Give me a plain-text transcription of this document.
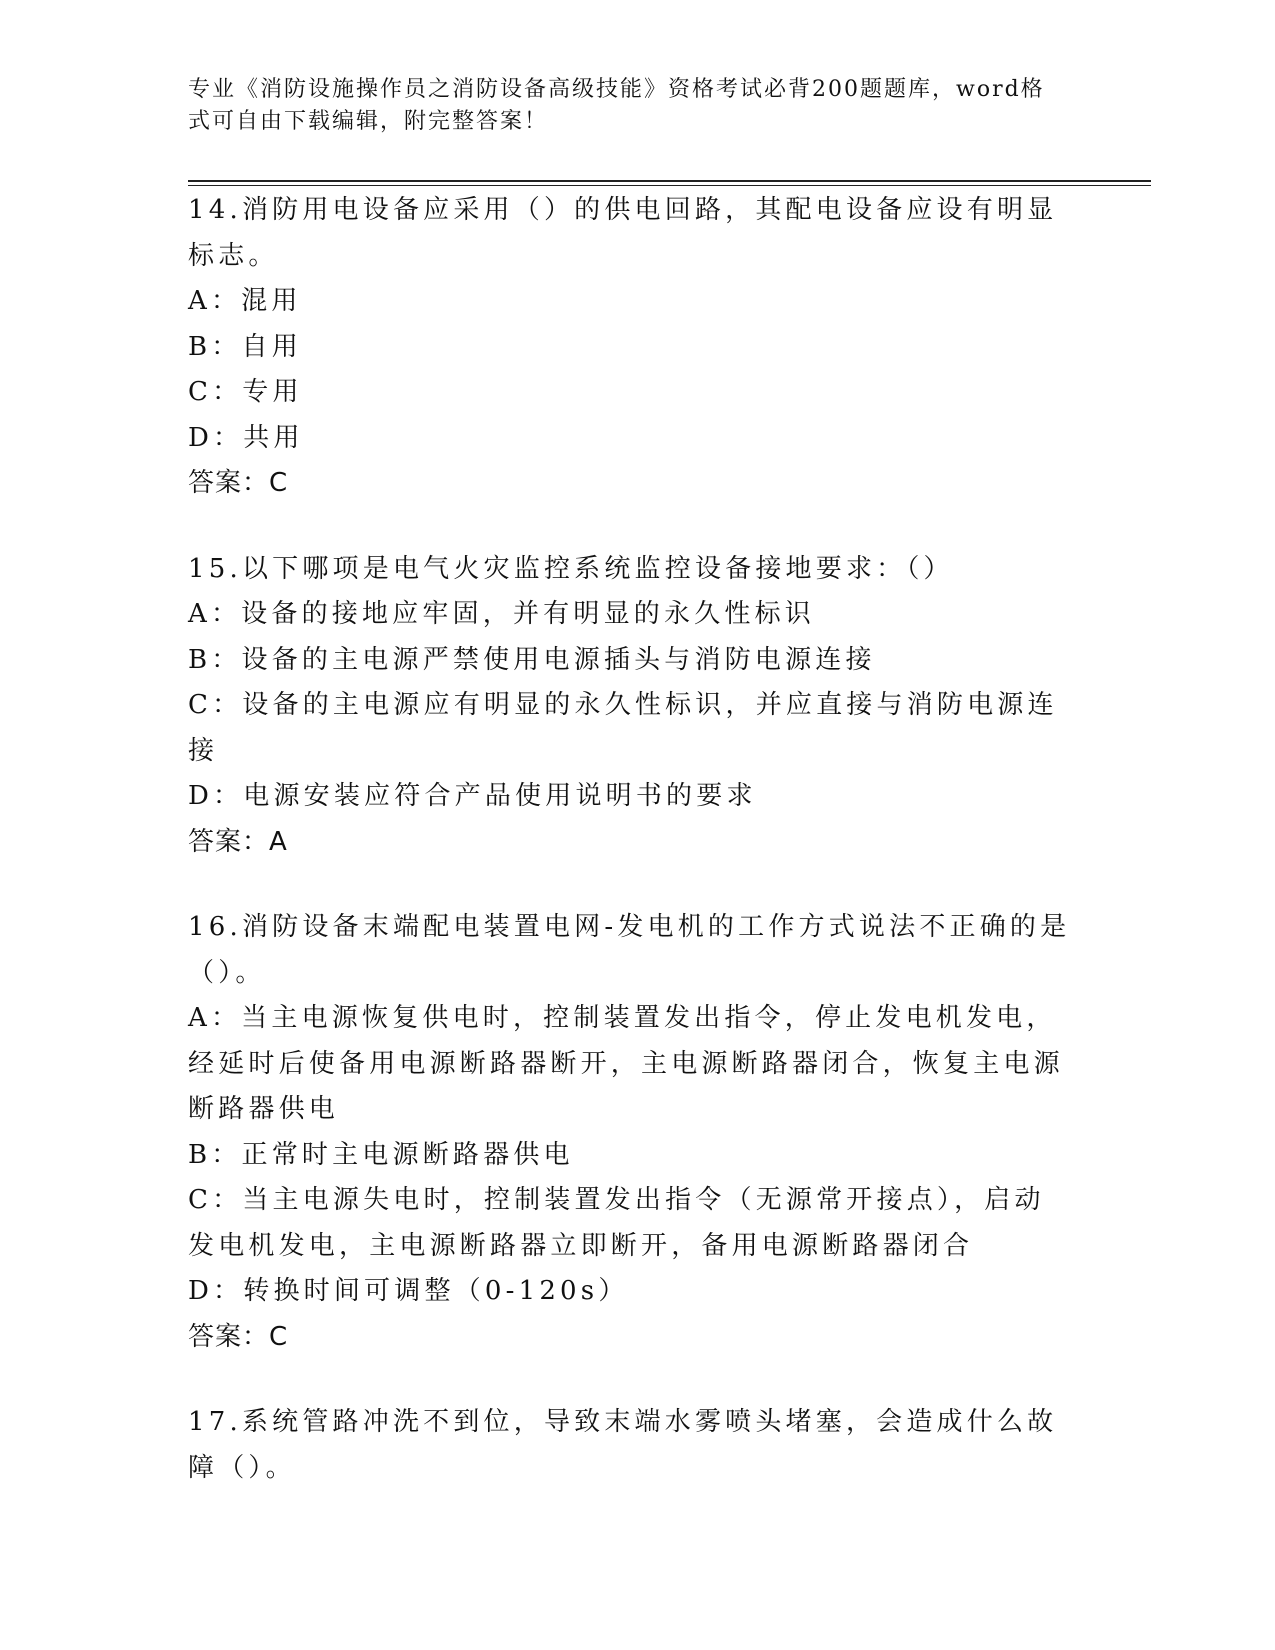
专业《消防设施操作员之消防设备高级技能》资格考试必背200题题库，word格式可自由下载编辑，附完整答案！
14.消防用电设备应采用（）的供电回路，其配电设备应设有明显标志。
A：混用
B：自用
C：专用
D：共用
答案：C
15.以下哪项是电气火灾监控系统监控设备接地要求：（）
A：设备的接地应牢固，并有明显的永久性标识
B：设备的主电源严禁使用电源插头与消防电源连接
C：设备的主电源应有明显的永久性标识，并应直接与消防电源连接
D：电源安装应符合产品使用说明书的要求
答案：A
16.消防设备末端配电装置电网-发电机的工作方式说法不正确的是（）。
A：当主电源恢复供电时，控制装置发出指令，停止发电机发电，经延时后使备用电源断路器断开，主电源断路器闭合，恢复主电源断路器供电
B：正常时主电源断路器供电
C：当主电源失电时，控制装置发出指令（无源常开接点），启动发电机发电，主电源断路器立即断开，备用电源断路器闭合
D：转换时间可调整（0-120s）
答案：C
17.系统管路冲洗不到位，导致末端水雾喷头堵塞，会造成什么故障（）。
